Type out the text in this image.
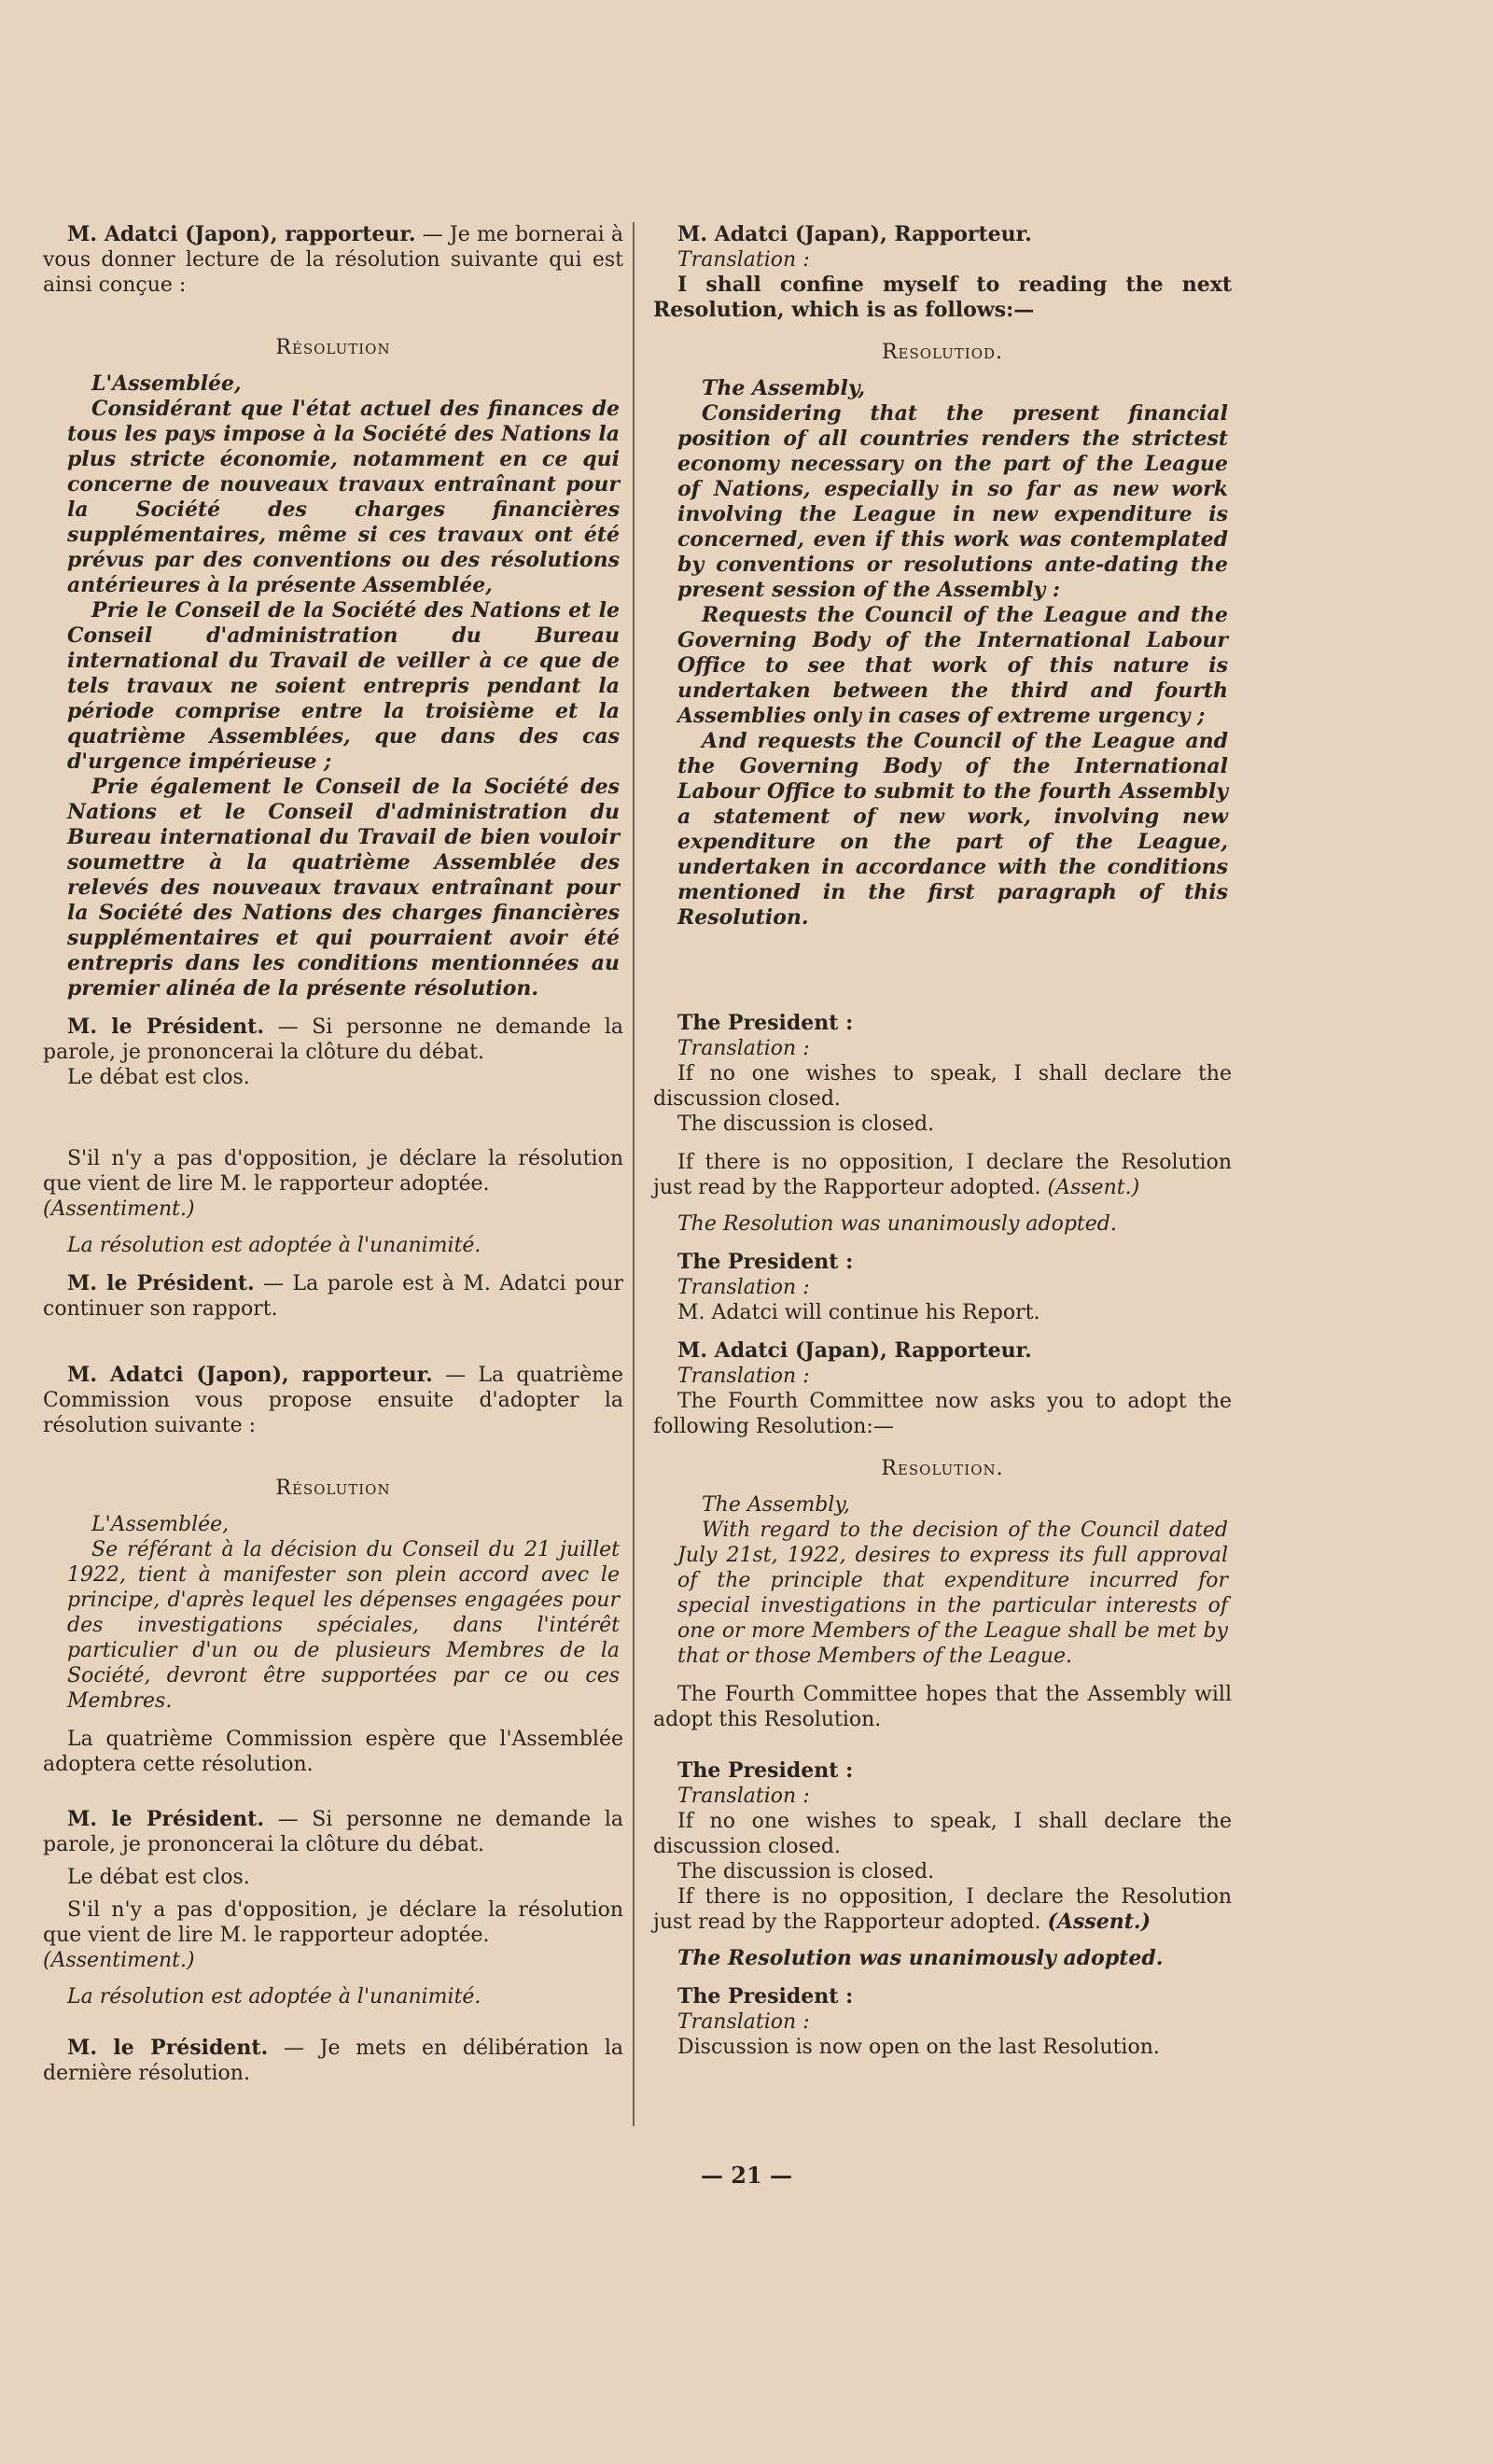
M. Adatci (Japon), rapporteur. — Je me bornerai à vous donner lecture de la résolution suivante qui est ainsi conçue :

Résolution

L'Assemblée,

Considérant que l'état actuel des finances de tous les pays impose à la Société des Nations la plus stricte économie, notamment en ce qui concerne de nouveaux travaux entraînant pour la Société des charges financières supplémentaires, même si ces travaux ont été prévus par des conventions ou des résolutions antérieures à la présente Assemblée,

Prie le Conseil de la Société des Nations et le Conseil d'administration du Bureau international du Travail de veiller à ce que de tels travaux ne soient entrepris pendant la période comprise entre la troisième et la quatrième Assemblées, que dans des cas d'urgence impérieuse ;

Prie également le Conseil de la Société des Nations et le Conseil d'administration du Bureau international du Travail de bien vouloir soumettre à la quatrième Assemblée des relevés des nouveaux travaux entraînant pour la Société des Nations des charges financières supplémentaires et qui pourraient avoir été entrepris dans les conditions mentionnées au premier alinéa de la présente résolution.

M. le Président. — Si personne ne demande la parole, je prononcerai la clôture du débat.

Le débat est clos.

S'il n'y a pas d'opposition, je déclare la résolution que vient de lire M. le rapporteur adoptée.
(Assentiment.)

La résolution est adoptée à l'unanimité.

M. le Président. — La parole est à M. Adatci pour continuer son rapport.

M. Adatci (Japon), rapporteur. — La quatrième Commission vous propose ensuite d'adopter la résolution suivante :

Résolution

L'Assemblée,

Se référant à la décision du Conseil du 21 juillet 1922, tient à manifester son plein accord avec le principe, d'après lequel les dépenses engagées pour des investigations spéciales, dans l'intérêt particulier d'un ou de plusieurs Membres de la Société, devront être supportées par ce ou ces Membres.

La quatrième Commission espère que l'Assemblée adoptera cette résolution.

M. le Président. — Si personne ne demande la parole, je prononcerai la clôture du débat.

Le débat est clos.

S'il n'y a pas d'opposition, je déclare la résolution que vient de lire M. le rapporteur adoptée.
(Assentiment.)

La résolution est adoptée à l'unanimité.

M. le Président. — Je mets en délibération la dernière résolution.

M. Adatci (Japan), Rapporteur.

Translation :

I shall confine myself to reading the next Resolution, which is as follows:—

Resolutiod.

The Assembly,

Considering that the present financial position of all countries renders the strictest economy necessary on the part of the League of Nations, especially in so far as new work involving the League in new expenditure is concerned, even if this work was contemplated by conventions or resolutions ante-dating the present session of the Assembly :

Requests the Council of the League and the Governing Body of the International Labour Office to see that work of this nature is undertaken between the third and fourth Assemblies only in cases of extreme urgency ;

And requests the Council of the League and the Governing Body of the International Labour Office to submit to the fourth Assembly a statement of new work, involving new expenditure on the part of the League, undertaken in accordance with the conditions mentioned in the first paragraph of this Resolution.

The President :

Translation :

If no one wishes to speak, I shall declare the discussion closed.

The discussion is closed.

If there is no opposition, I declare the Resolution just read by the Rapporteur adopted. (Assent.)

The Resolution was unanimously adopted.

The President :

Translation :

M. Adatci will continue his Report.

M. Adatci (Japan), Rapporteur.

Translation :

The Fourth Committee now asks you to adopt the following Resolution:—

Resolution.

The Assembly,

With regard to the decision of the Council dated July 21st, 1922, desires to express its full approval of the principle that expenditure incurred for special investigations in the particular interests of one or more Members of the League shall be met by that or those Members of the League.

The Fourth Committee hopes that the Assembly will adopt this Resolution.

The President :

Translation :

If no one wishes to speak, I shall declare the discussion closed.

The discussion is closed.

If there is no opposition, I declare the Resolution just read by the Rapporteur adopted. (Assent.)

The Resolution was unanimously adopted.

The President :

Translation :

Discussion is now open on the last Resolution.

— 21 —
